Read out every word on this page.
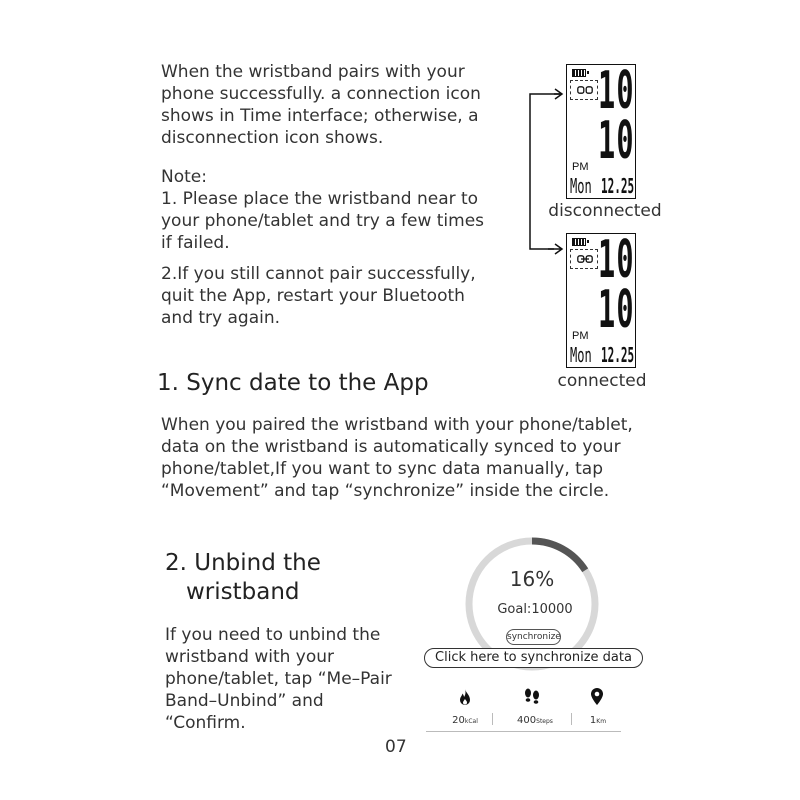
When the wristband pairs with your

phone successfully. a connection icon

shows in Time interface; otherwise, a

disconnection icon shows.

Note:

1. Please place the wristband near to

your phone/tablet and try a few times

if failed.

2.If you still cannot pair successfully,

quit the App, restart your Bluetooth

and try again.

10
10
PM
Mon 12.25
disconnected
10
10
PM
Mon 12.25
connected
1. Sync date to the App

When you paired the wristband with your phone/tablet,

data on the wristband is automatically synced to your

phone/tablet,If you want to sync data manually, tap

“Movement” and tap “synchronize” inside the circle.

2. Unbind the
wristband

If you need to unbind the

wristband with your

phone/tablet, tap “Me–Pair

Band–Unbind” and

“Confirm.

16%
Goal:10000
synchronize
Click here to synchronize data
20kCal	400Steps	1Km
07
